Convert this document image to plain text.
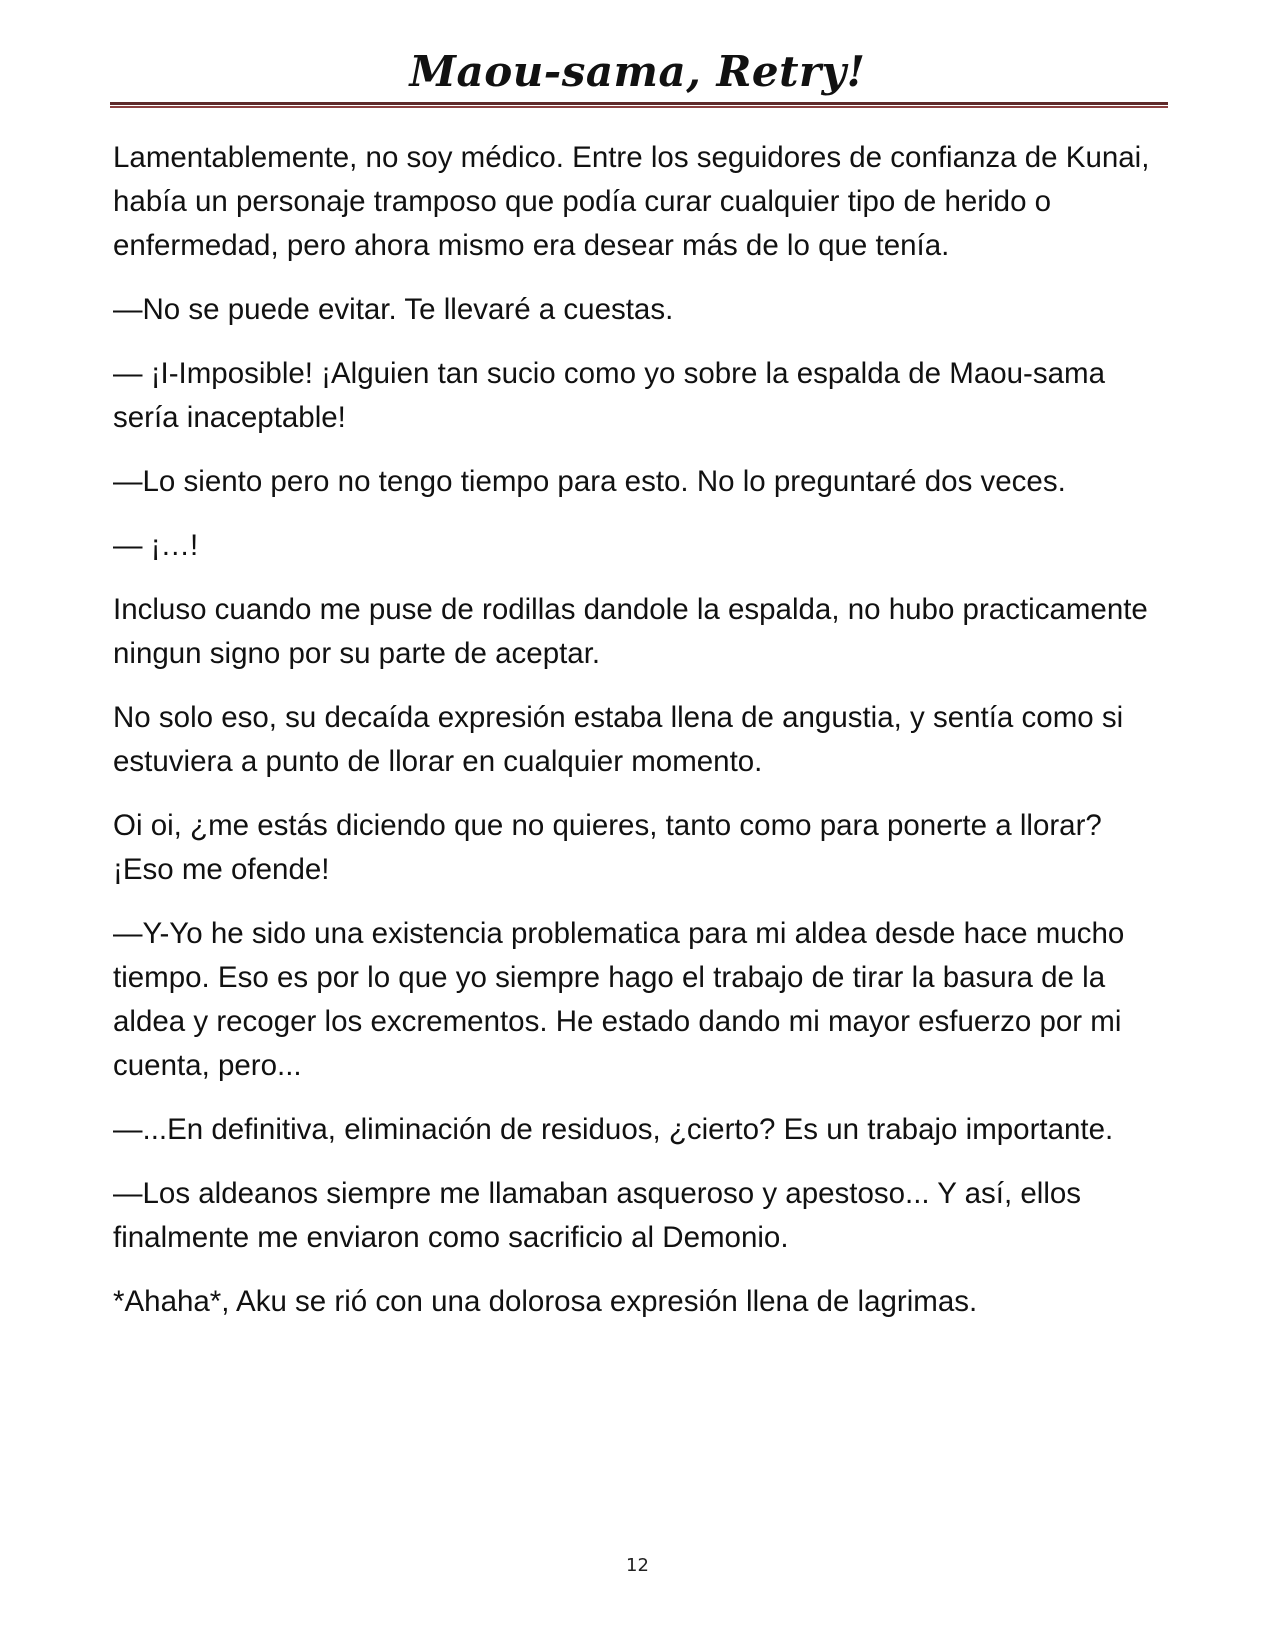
Maou-sama, Retry!

Lamentablemente, no soy médico. Entre los seguidores de confianza de Kunai, había un personaje tramposo que podía curar cualquier tipo de herido o enfermedad, pero ahora mismo era desear más de lo que tenía.

—No se puede evitar. Te llevaré a cuestas.

— ¡I-Imposible! ¡Alguien tan sucio como yo sobre la espalda de Maou-sama sería inaceptable!

—Lo siento pero no tengo tiempo para esto. No lo preguntaré dos veces.

— ¡…!

Incluso cuando me puse de rodillas dandole la espalda, no hubo practicamente ningun signo por su parte de aceptar.

No solo eso, su decaída expresión estaba llena de angustia, y sentía como si estuviera a punto de llorar en cualquier momento.

Oi oi, ¿me estás diciendo que no quieres, tanto como para ponerte a llorar? ¡Eso me ofende!

—Y-Yo he sido una existencia problematica para mi aldea desde hace mucho tiempo. Eso es por lo que yo siempre hago el trabajo de tirar la basura de la aldea y recoger los excrementos. He estado dando mi mayor esfuerzo por mi cuenta, pero...

—...En definitiva, eliminación de residuos, ¿cierto? Es un trabajo importante.

—Los aldeanos siempre me llamaban asqueroso y apestoso... Y así, ellos finalmente me enviaron como sacrificio al Demonio.

*Ahaha*, Aku se rió con una dolorosa expresión llena de lagrimas.

12
